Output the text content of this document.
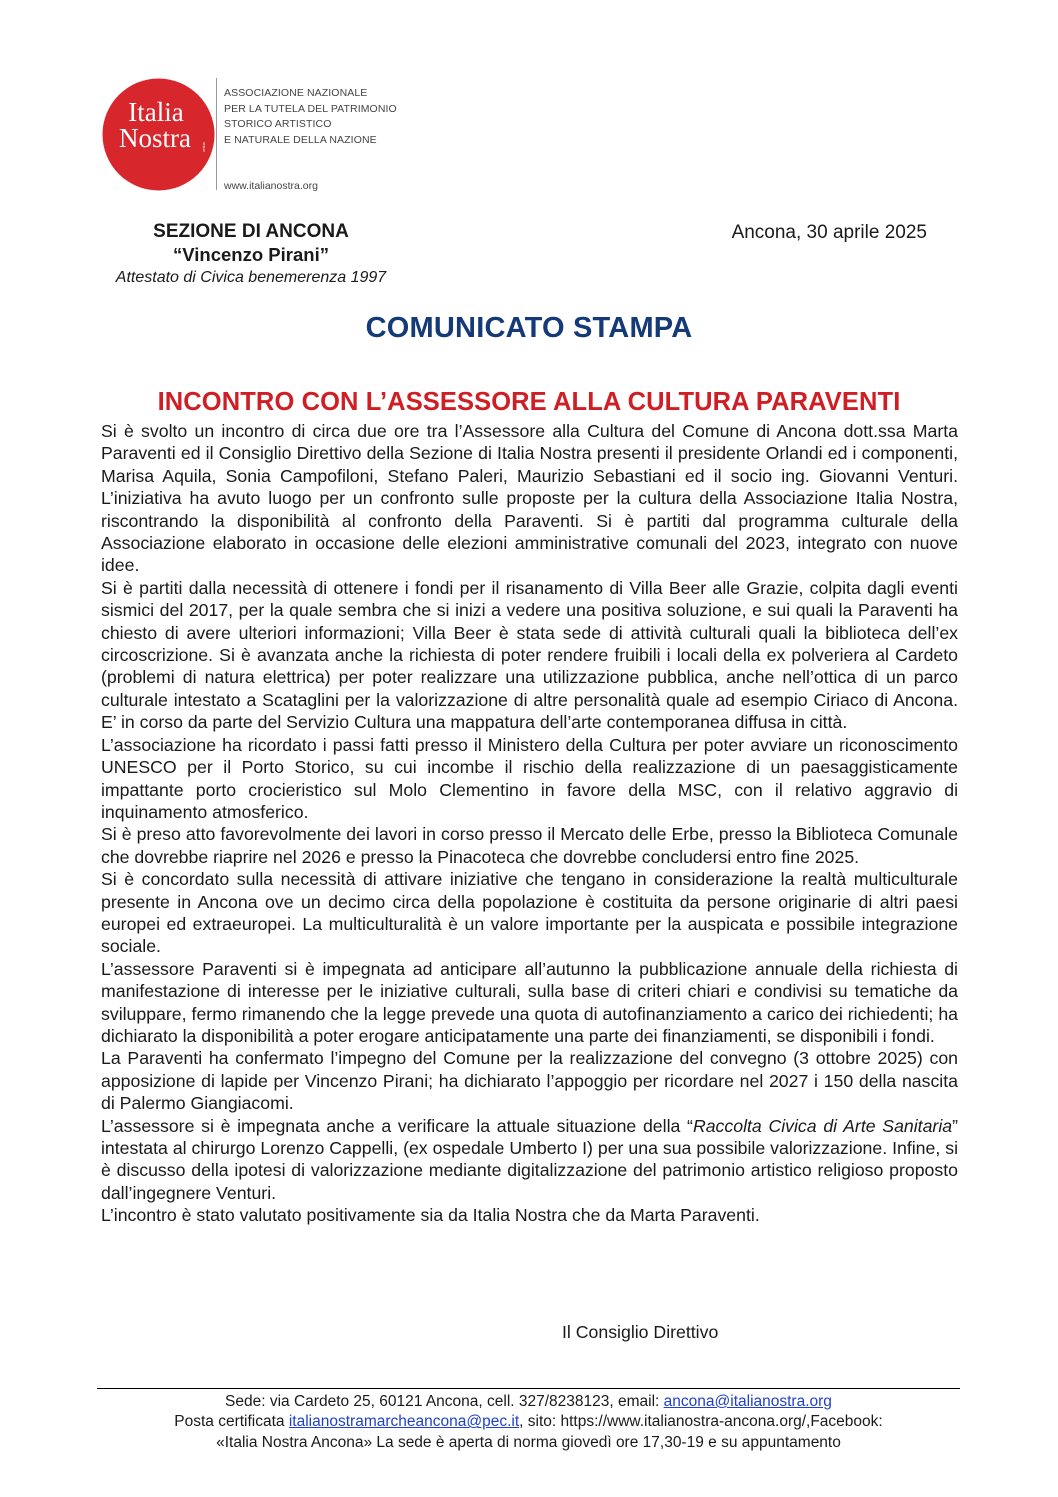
Italia
Nostra	onlus
ASSOCIAZIONE NAZIONALE
PER LA TUTELA DEL PATRIMONIO
STORICO ARTISTICO
E NATURALE DELLA NAZIONE
www.italianostra.org
SEZIONE DI ANCONA
“Vincenzo Pirani”
Attestato di Civica benemerenza 1997
Ancona, 30 aprile 2025
COMUNICATO STAMPA
INCONTRO CON L’ASSESSORE ALLA CULTURA PARAVENTI

Si è svolto un incontro di circa due ore tra l’Assessore alla Cultura del Comune di Ancona dott.ssa Marta Paraventi ed il Consiglio Direttivo della Sezione di Italia Nostra presenti il presidente Orlandi ed i componenti, Marisa Aquila, Sonia Campofiloni, Stefano Paleri, Maurizio Sebastiani ed il socio ing. Giovanni Venturi. L’iniziativa ha avuto luogo per un confronto sulle proposte per la cultura della Associazione Italia Nostra, riscontrando la disponibilità al confronto della Paraventi. Si è partiti dal programma culturale della Associazione elaborato in occasione delle elezioni amministrative comunali del 2023, integrato con nuove idee.

Si è partiti dalla necessità di ottenere i fondi per il risanamento di Villa Beer alle Grazie, colpita dagli eventi sismici del 2017, per la quale sembra che si inizi a vedere una positiva soluzione, e sui quali la Paraventi ha chiesto di avere ulteriori informazioni; Villa Beer è stata sede di attività culturali quali la biblioteca dell’ex circoscrizione. Si è avanzata anche la richiesta di poter rendere fruibili i locali della ex polveriera al Cardeto (problemi di natura elettrica) per poter realizzare una utilizzazione pubblica, anche nell’ottica di un parco culturale intestato a Scataglini per la valorizzazione di altre personalità quale ad esempio Ciriaco di Ancona. E’ in corso da parte del Servizio Cultura una mappatura dell’arte contemporanea diffusa in città.

L’associazione ha ricordato i passi fatti presso il Ministero della Cultura per poter avviare un riconoscimento UNESCO per il Porto Storico, su cui incombe il rischio della realizzazione di un paesaggisticamente impattante porto crocieristico sul Molo Clementino in favore della MSC, con il relativo aggravio di inquinamento atmosferico.

Si è preso atto favorevolmente dei lavori in corso presso il Mercato delle Erbe, presso la Biblioteca Comunale che dovrebbe riaprire nel 2026 e presso la Pinacoteca che dovrebbe concludersi entro fine 2025.

Si è concordato sulla necessità di attivare iniziative che tengano in considerazione la realtà multiculturale presente in Ancona ove un decimo circa della popolazione è costituita da persone originarie di altri paesi europei ed extraeuropei. La multiculturalità è un valore importante per la auspicata e possibile integrazione sociale.

L’assessore Paraventi si è impegnata ad anticipare all’autunno la pubblicazione annuale della richiesta di manifestazione di interesse per le iniziative culturali, sulla base di criteri chiari e condivisi su tematiche da sviluppare, fermo rimanendo che la legge prevede una quota di autofinanziamento a carico dei richiedenti; ha dichiarato la disponibilità a poter erogare anticipatamente una parte dei finanziamenti, se disponibili i fondi.

La Paraventi ha confermato l’impegno del Comune per la realizzazione del convegno (3 ottobre 2025) con apposizione di lapide per Vincenzo Pirani; ha dichiarato l’appoggio per ricordare nel 2027 i 150 della nascita di Palermo Giangiacomi.

L’assessore si è impegnata anche a verificare la attuale situazione della “Raccolta Civica di Arte Sanitaria” intestata al chirurgo Lorenzo Cappelli, (ex ospedale Umberto I) per una sua possibile valorizzazione. Infine, si è discusso della ipotesi di valorizzazione mediante digitalizzazione del patrimonio artistico religioso proposto dall’ingegnere Venturi.

L’incontro è stato valutato positivamente sia da Italia Nostra che da Marta Paraventi.

Il Consiglio Direttivo
Sede: via Cardeto 25, 60121 Ancona, cell. 327/8238123, email: ancona@italianostra.org
Posta certificata italianostramarcheancona@pec.it, sito: https://www.italianostra-ancona.org/,Facebook:
«Italia Nostra Ancona» La sede è aperta di norma giovedì ore 17,30-19 e su appuntamento
